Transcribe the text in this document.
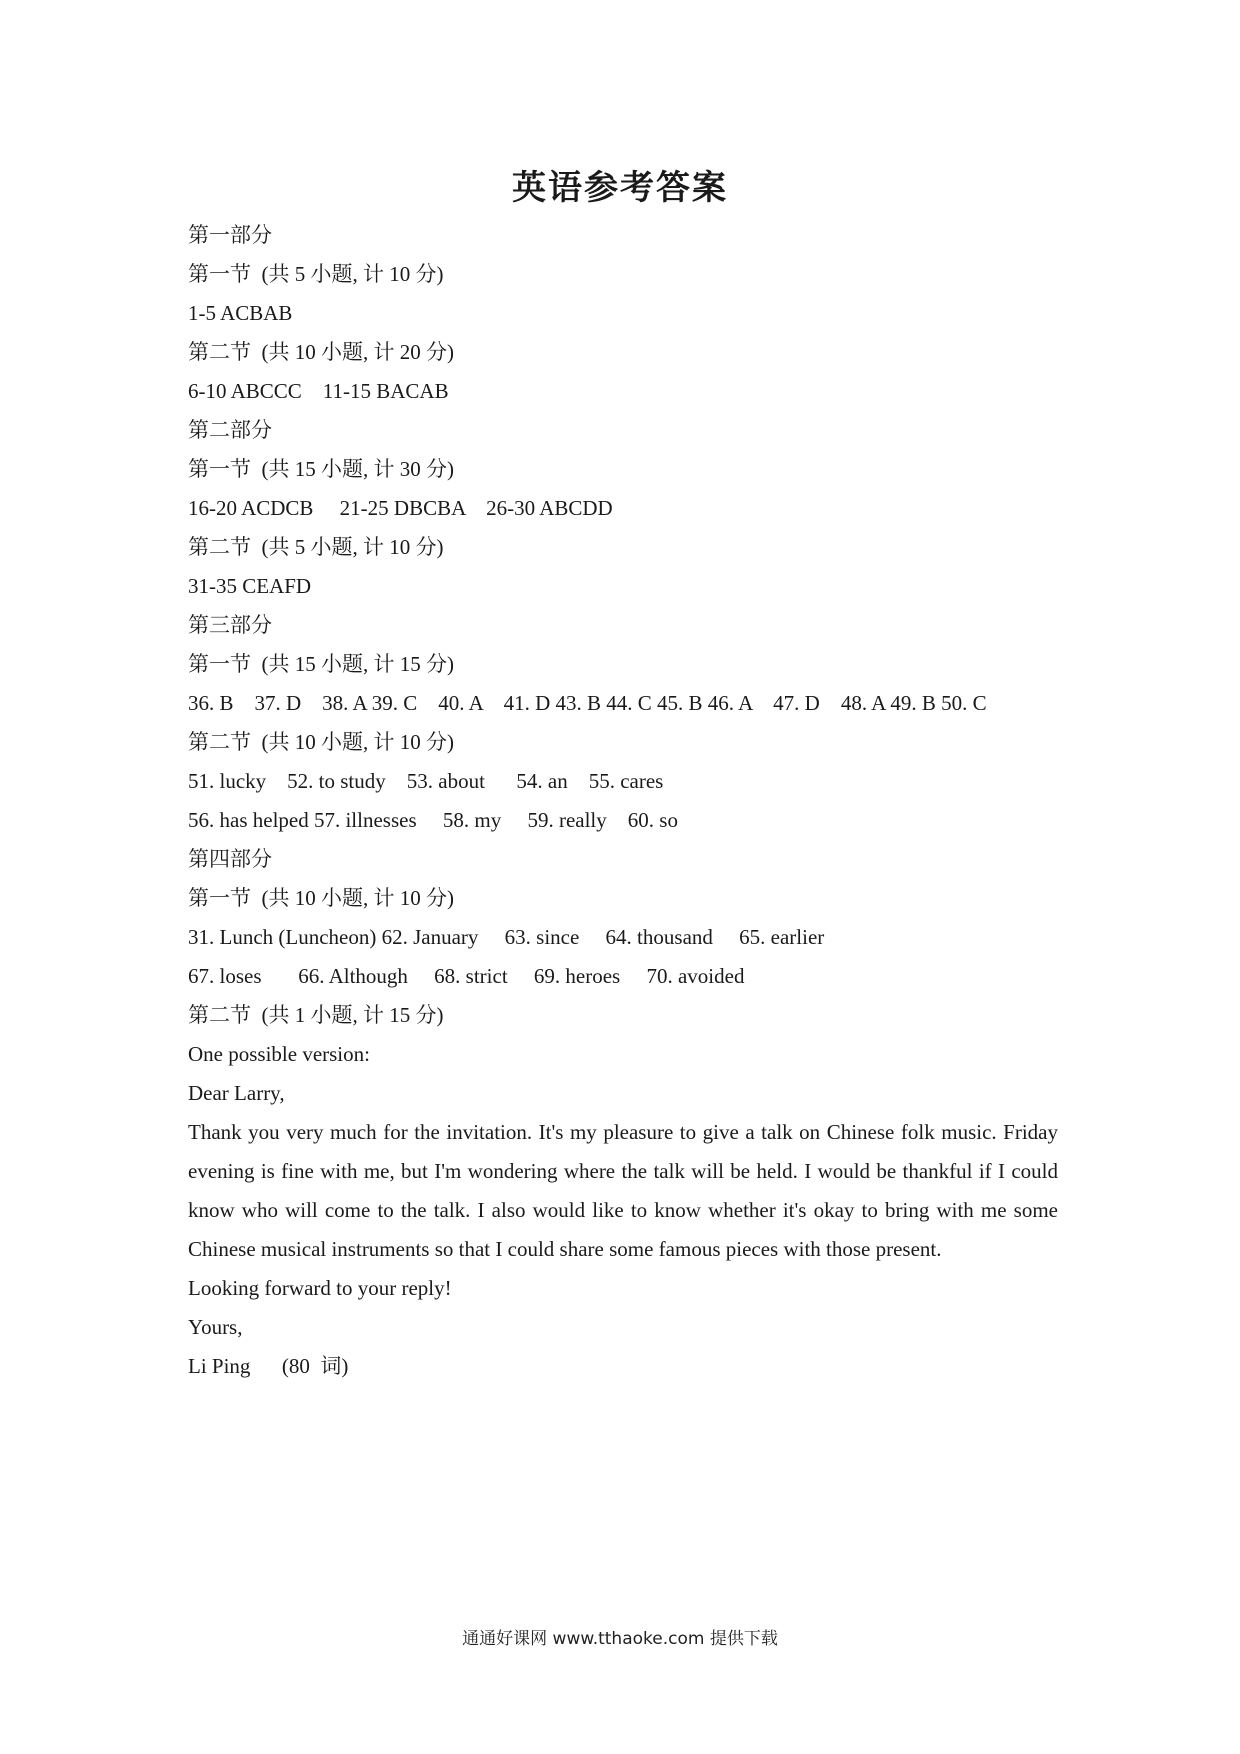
英语参考答案
第一部分
第一节  (共 5 小题, 计 10 分)
1-5 ACBAB
第二节  (共 10 小题, 计 20 分)
6-10 ABCCC    11-15 BACAB
第二部分
第一节  (共 15 小题, 计 30 分)
16-20 ACDCB     21-25 DBCBA    26-30 ABCDD
第二节  (共 5 小题, 计 10 分)
31-35 CEAFD
第三部分
第一节  (共 15 小题, 计 15 分)
36. B    37. D    38. A 39. C    40. A    41. D 43. B 44. C 45. B 46. A    47. D    48. A 49. B 50. C
第二节  (共 10 小题, 计 10 分)
51. lucky    52. to study    53. about      54. an    55. cares
56. has helped 57. illnesses     58. my     59. really    60. so
第四部分
第一节  (共 10 小题, 计 10 分)
31. Lunch (Luncheon) 62. January     63. since     64. thousand     65. earlier
67. loses       66. Although     68. strict     69. heroes     70. avoided
第二节  (共 1 小题, 计 15 分)
One possible version:
Dear Larry,
Thank you very much for the invitation. It's my pleasure to give a talk on Chinese folk music. Friday evening is fine with me, but I'm wondering where the talk will be held. I would be thankful if I could know who will come to the talk. I also would like to know whether it's okay to bring with me some Chinese musical instruments so that I could share some famous pieces with those present.
Looking forward to your reply!
Yours,
Li Ping      (80  词)
通通好课网 www.tthaoke.com 提供下载
